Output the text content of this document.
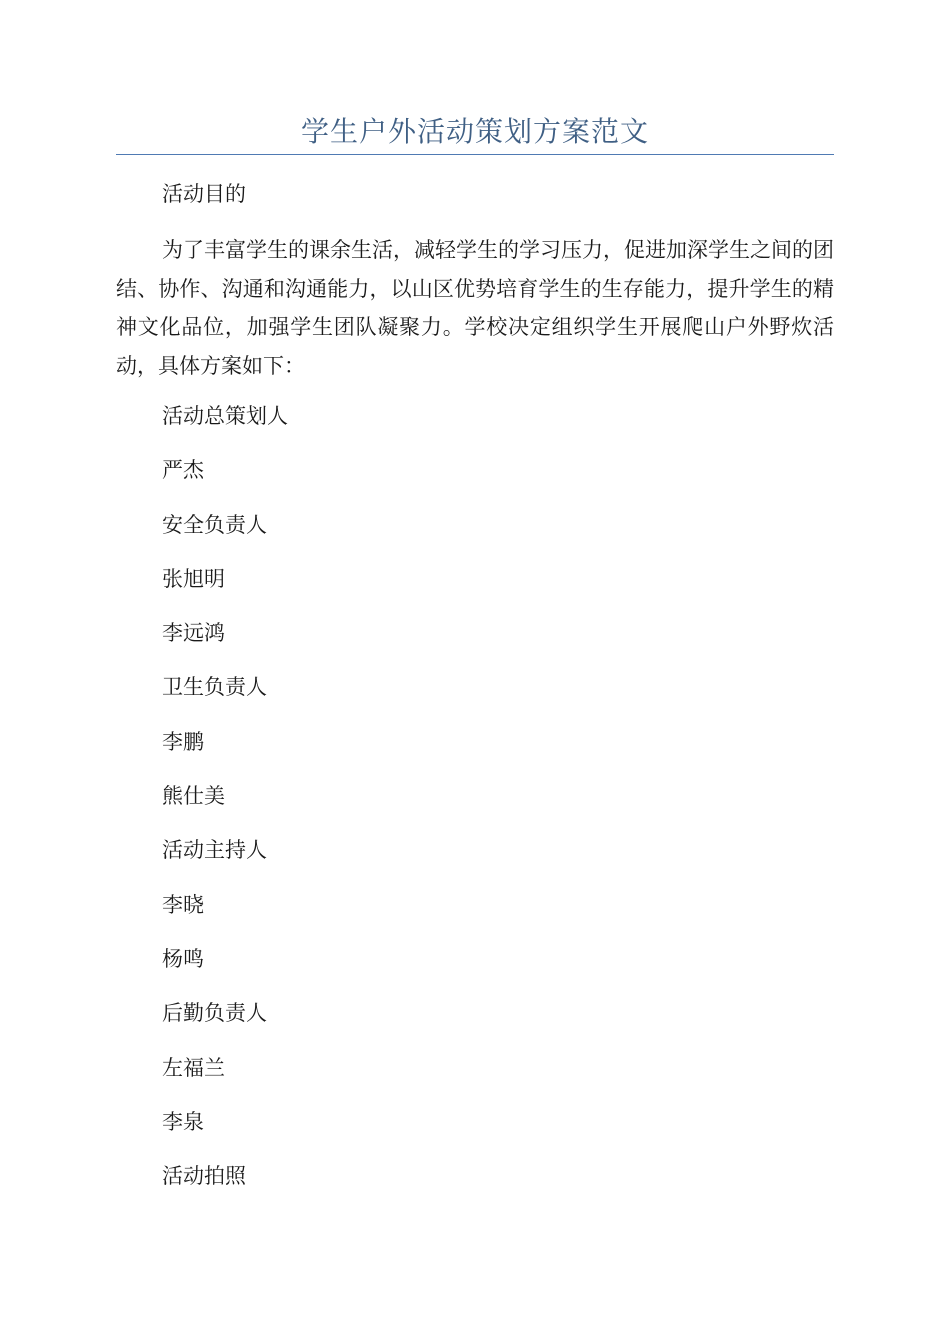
学生户外活动策划方案范文
活动目的

为了丰富学生的课余生活，减轻学生的学习压力，促进加深学生之间的团结、协作、沟通和沟通能力，以山区优势培育学生的生存能力，提升学生的精神文化品位，加强学生团队凝聚力。学校决定组织学生开展爬山户外野炊活动，具体方案如下：

活动总策划人
严杰
安全负责人
张旭明
李远鸿
卫生负责人
李鹏
熊仕美
活动主持人
李晓
杨鸣
后勤负责人
左福兰
李泉
活动拍照
